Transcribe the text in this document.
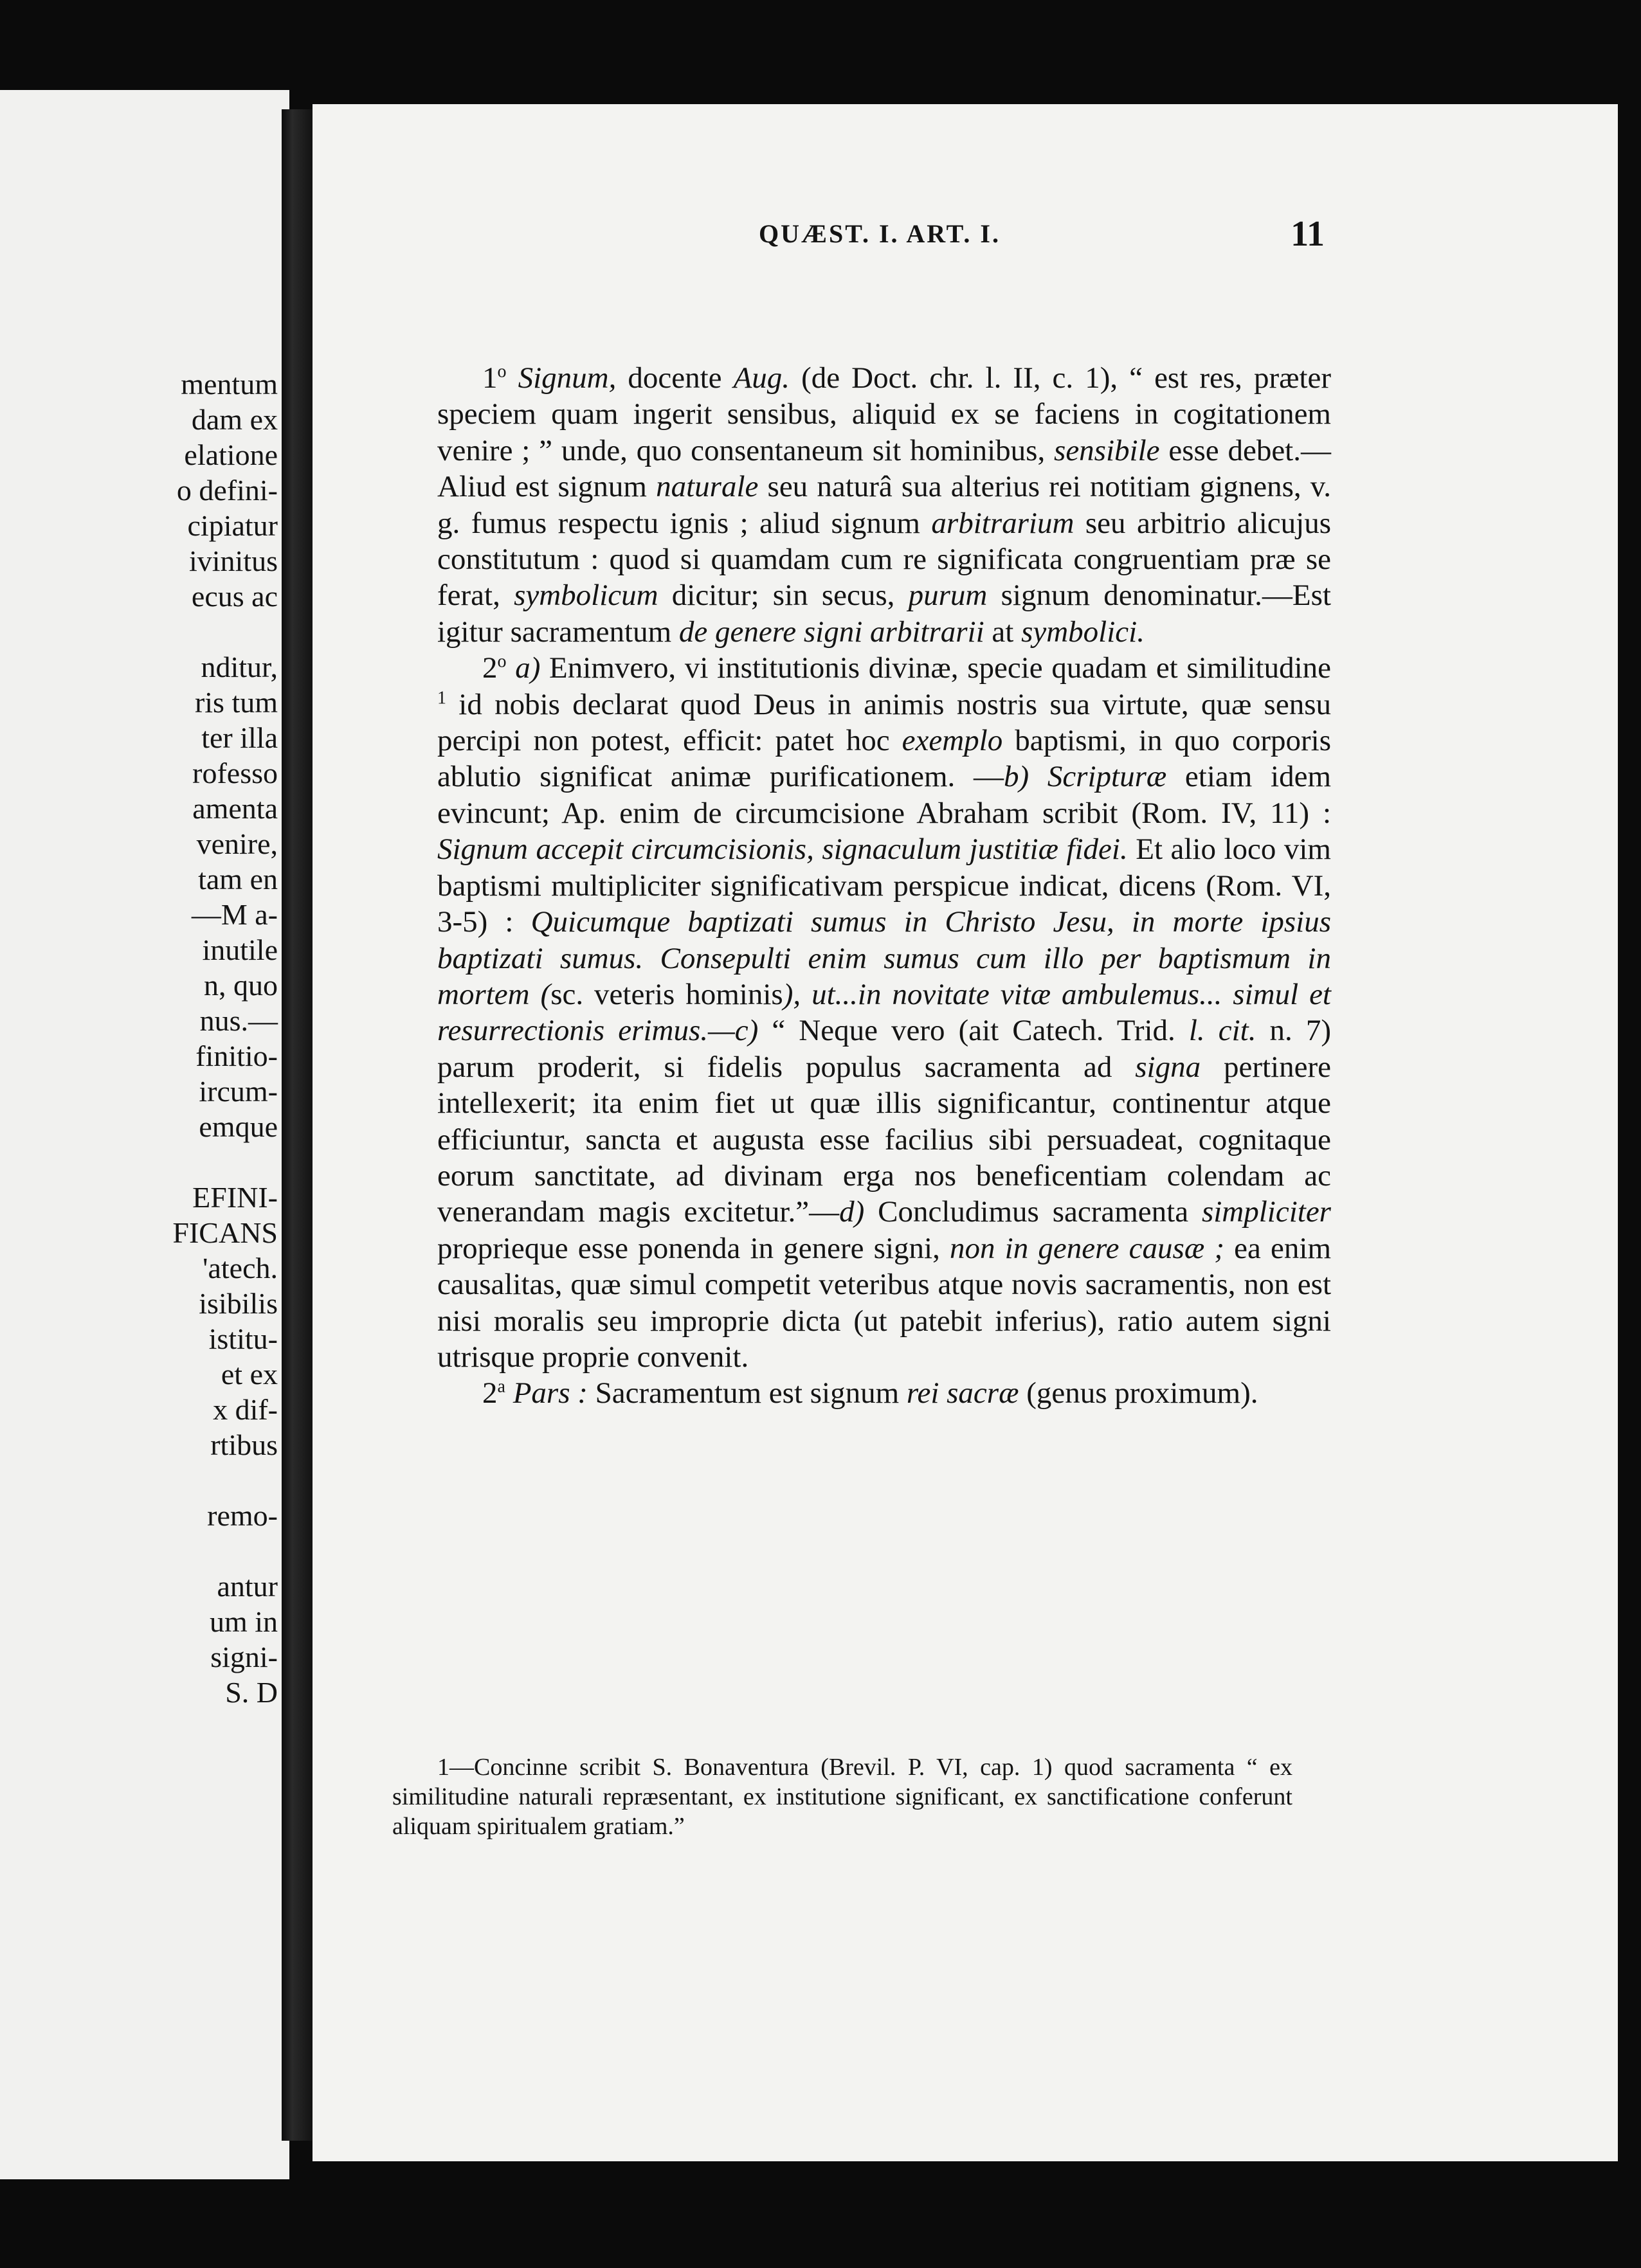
mentum
dam ex
elatione
o defini-
cipiatur
ivinitus
ecus ac
nditur,
ris tum
ter illa
rofesso
amenta
venire,
tam en
—M a-
inutile
n, quo
nus.—
finitio-
ircum-
emque
EFINI-
FICANS
'atech.
isibilis
istitu-
et ex
x dif-
rtibus
remo-
antur
um in
signi-
S. D
QUÆST. I. ART. I.	11

1$^o$ Signum, docente Aug. (de Doct. chr. l. II, c. 1), “ est res, præter speciem quam ingerit sensibus, aliquid ex se faciens in cogitationem venire ; ” unde, quo consentaneum sit hominibus, sensibile esse debet.—Aliud est signum naturale seu naturâ sua alterius rei notitiam gignens, v. g. fumus respectu ignis ; aliud signum arbitrarium seu arbitrio alicujus constitutum : quod si quamdam cum re significata congruentiam præ se ferat, symbolicum dicitur; sin secus, purum signum denominatur.—Est igitur sacramentum de genere signi arbitrarii at symbolici.

2$^o$ a) Enimvero, vi institutionis divinæ, specie quadam et similitudine $^1$ id nobis declarat quod Deus in animis nostris sua virtute, quæ sensu percipi non potest, efficit: patet hoc exemplo baptismi, in quo corporis ablutio significat animæ purificationem. —b) Scripturæ etiam idem evincunt; Ap. enim de circumcisione Abraham scribit (Rom. IV, 11) : Signum accepit circumcisionis, signaculum justitiæ fidei. Et alio loco vim baptismi multipliciter significativam perspicue indicat, dicens (Rom. VI, 3-5) : Quicumque baptizati sumus in Christo Jesu, in morte ipsius baptizati sumus. Consepulti enim sumus cum illo per baptismum in mortem (sc. veteris hominis), ut...in novitate vitæ ambulemus... simul et resurrectionis erimus.—c) “ Neque vero (ait Catech. Trid. l. cit. n. 7) parum proderit, si fidelis populus sacramenta ad signa pertinere intellexerit; ita enim fiet ut quæ illis significantur, continentur atque efficiuntur, sancta et augusta esse facilius sibi persuadeat, cognitaque eorum sanctitate, ad divinam erga nos beneficentiam colendam ac venerandam magis excitetur.”—d) Concludimus sacramenta simpliciter proprieque esse ponenda in genere signi, non in genere causæ ; ea enim causalitas, quæ simul competit veteribus atque novis sacramentis, non est nisi moralis seu improprie dicta (ut patebit inferius), ratio autem signi utrisque proprie convenit.

2$^a$ Pars : Sacramentum est signum rei sacræ (genus proximum).

1—Concinne scribit S. Bonaventura (Brevil. P. VI, cap. 1) quod sacramenta “ ex similitudine naturali repræsentant, ex institutione significant, ex sanctificatione conferunt aliquam spiritualem gratiam.”
